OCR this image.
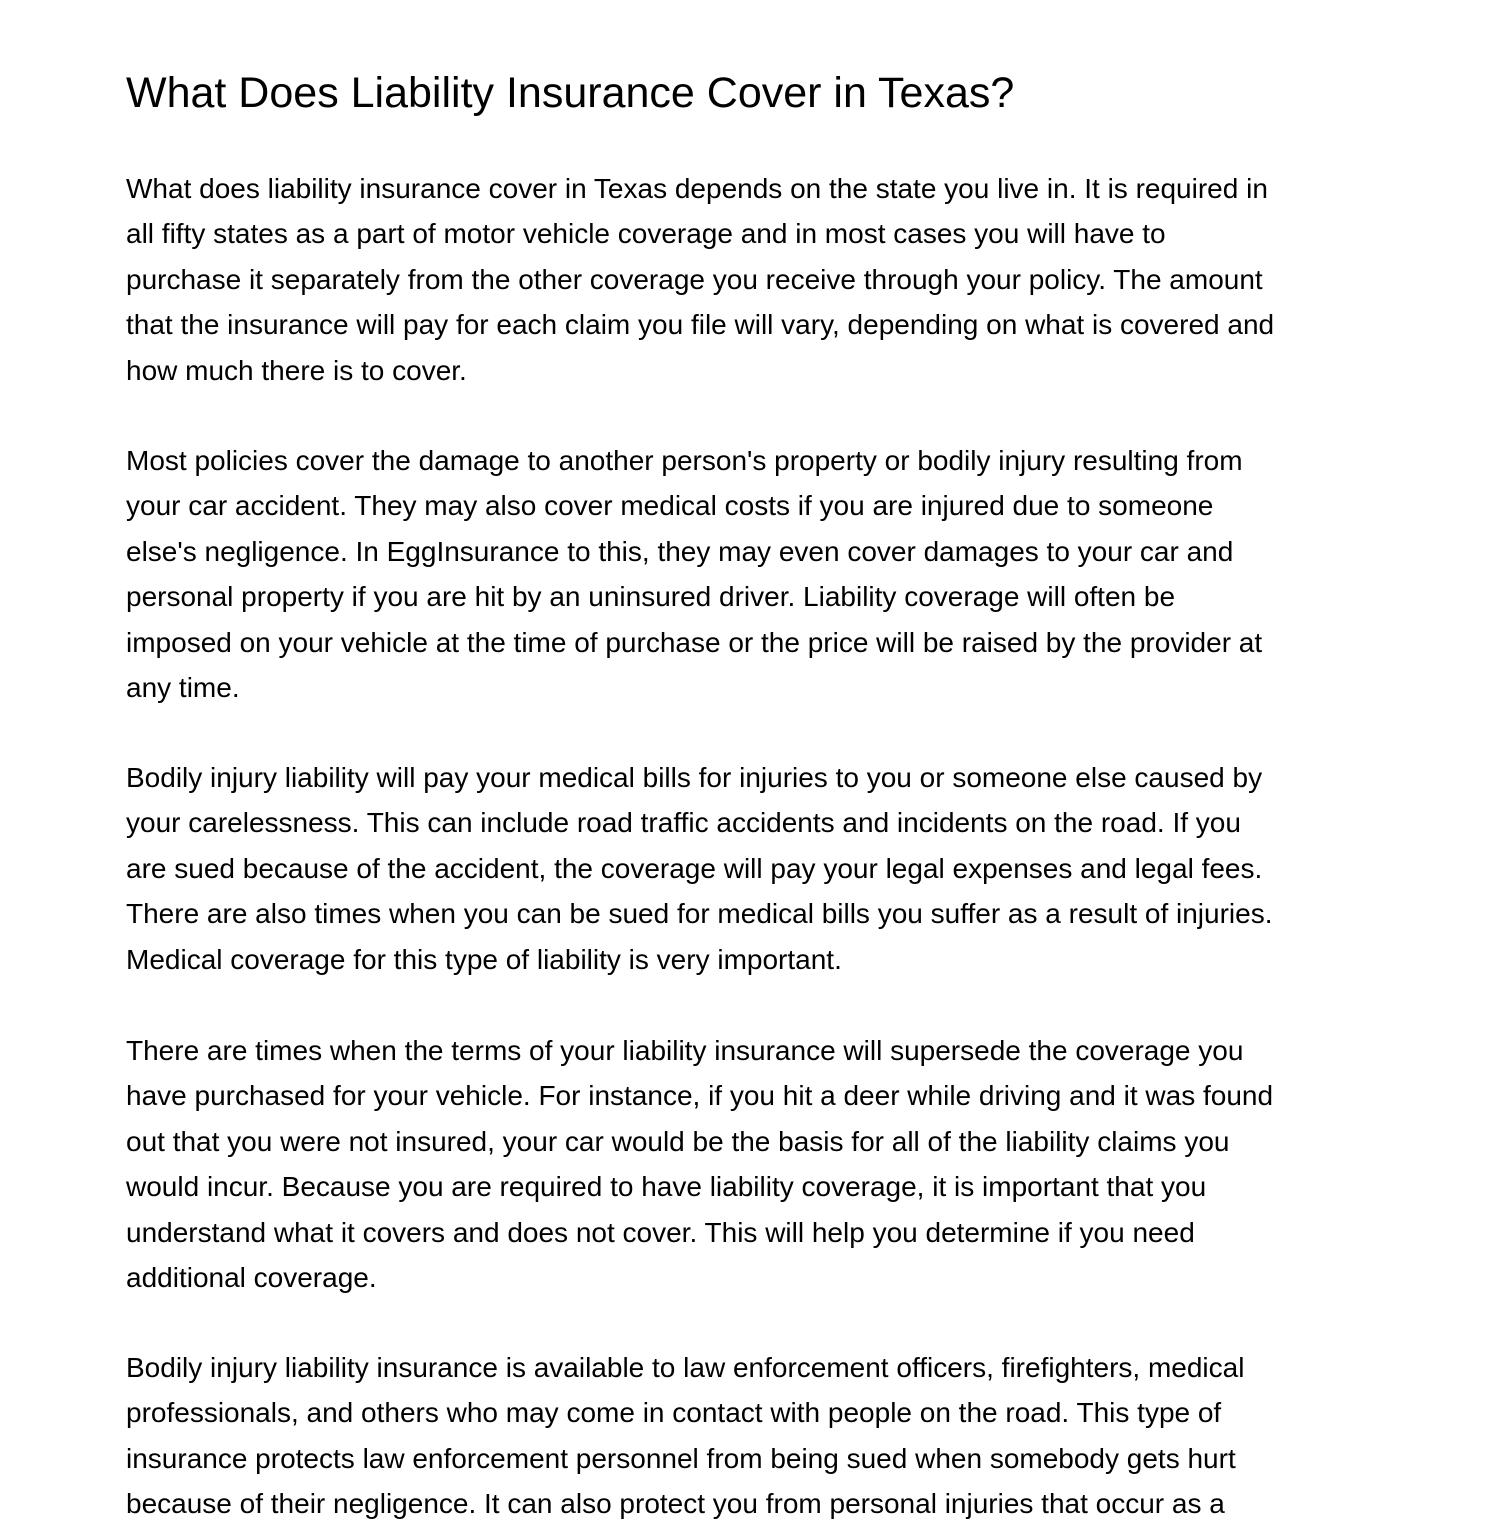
What Does Liability Insurance Cover in Texas?
What does liability insurance cover in Texas depends on the state you live in. It is required in
all fifty states as a part of motor vehicle coverage and in most cases you will have to
purchase it separately from the other coverage you receive through your policy. The amount
that the insurance will pay for each claim you file will vary, depending on what is covered and
how much there is to cover.
Most policies cover the damage to another person's property or bodily injury resulting from
your car accident. They may also cover medical costs if you are injured due to someone
else's negligence. In EggInsurance to this, they may even cover damages to your car and
personal property if you are hit by an uninsured driver. Liability coverage will often be
imposed on your vehicle at the time of purchase or the price will be raised by the provider at
any time.
Bodily injury liability will pay your medical bills for injuries to you or someone else caused by
your carelessness. This can include road traffic accidents and incidents on the road. If you
are sued because of the accident, the coverage will pay your legal expenses and legal fees.
There are also times when you can be sued for medical bills you suffer as a result of injuries.
Medical coverage for this type of liability is very important.
There are times when the terms of your liability insurance will supersede the coverage you
have purchased for your vehicle. For instance, if you hit a deer while driving and it was found
out that you were not insured, your car would be the basis for all of the liability claims you
would incur. Because you are required to have liability coverage, it is important that you
understand what it covers and does not cover. This will help you determine if you need
additional coverage.
Bodily injury liability insurance is available to law enforcement officers, firefighters, medical
professionals, and others who may come in contact with people on the road. This type of
insurance protects law enforcement personnel from being sued when somebody gets hurt
because of their negligence. It can also protect you from personal injuries that occur as a
